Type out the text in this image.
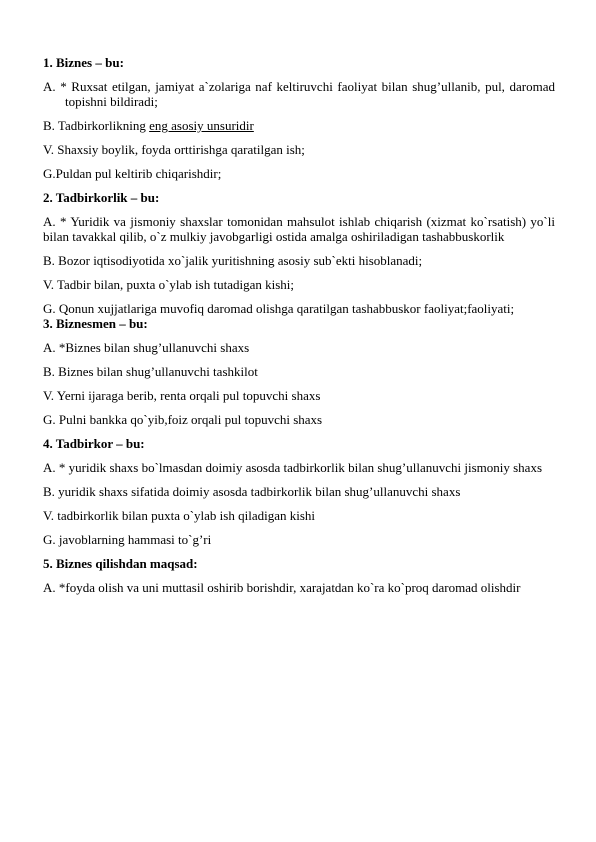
1. Biznes – bu:

A. * Ruxsat etilgan, jamiyat a`zolariga naf keltiruvchi faoliyat bilan shug’ullanib, pul, daromadtopishni bildiradi;

B. Tadbirkorlikning eng asosiy unsuridir

V. Shaxsiy boylik, foyda orttirishga qaratilgan ish;

G.Puldan pul keltirib chiqarishdir;

2. Tadbirkorlik – bu:

A. * Yuridik va jismoniy shaxslar tomonidan mahsulot ishlab chiqarish (xizmat ko`rsatish) yo`li bilan tavakkal qilib, o`z mulkiy javobgarligi ostida amalga oshiriladigan tashabbuskorlik

B. Bozor iqtisodiyotida xo`jalik yuritishning asosiy sub`ekti hisoblanadi;

V. Tadbir bilan, puxta o`ylab ish tutadigan kishi;

G. Qonun xujjatlariga muvofiq daromad olishga qaratilgan tashabbuskor faoliyat;faoliyati;

3. Biznesmen – bu:

A. *Biznes bilan shug’ullanuvchi shaxs

B. Biznes bilan shug’ullanuvchi tashkilot

V. Yerni ijaraga berib, renta orqali pul topuvchi shaxs

G. Pulni bankka qo`yib,foiz orqali pul topuvchi shaxs

4. Tadbirkor – bu:

A. * yuridik shaxs bo`lmasdan doimiy asosda tadbirkorlik bilan shug’ullanuvchi jismoniy shaxs

B. yuridik shaxs sifatida doimiy asosda tadbirkorlik bilan shug’ullanuvchi shaxs

V. tadbirkorlik bilan puxta o`ylab ish qiladigan kishi

G. javoblarning hammasi to`g’ri

5. Biznes qilishdan maqsad:

A. *foyda olish va uni muttasil oshirib borishdir, xarajatdan ko`ra ko`proq daromad olishdir
